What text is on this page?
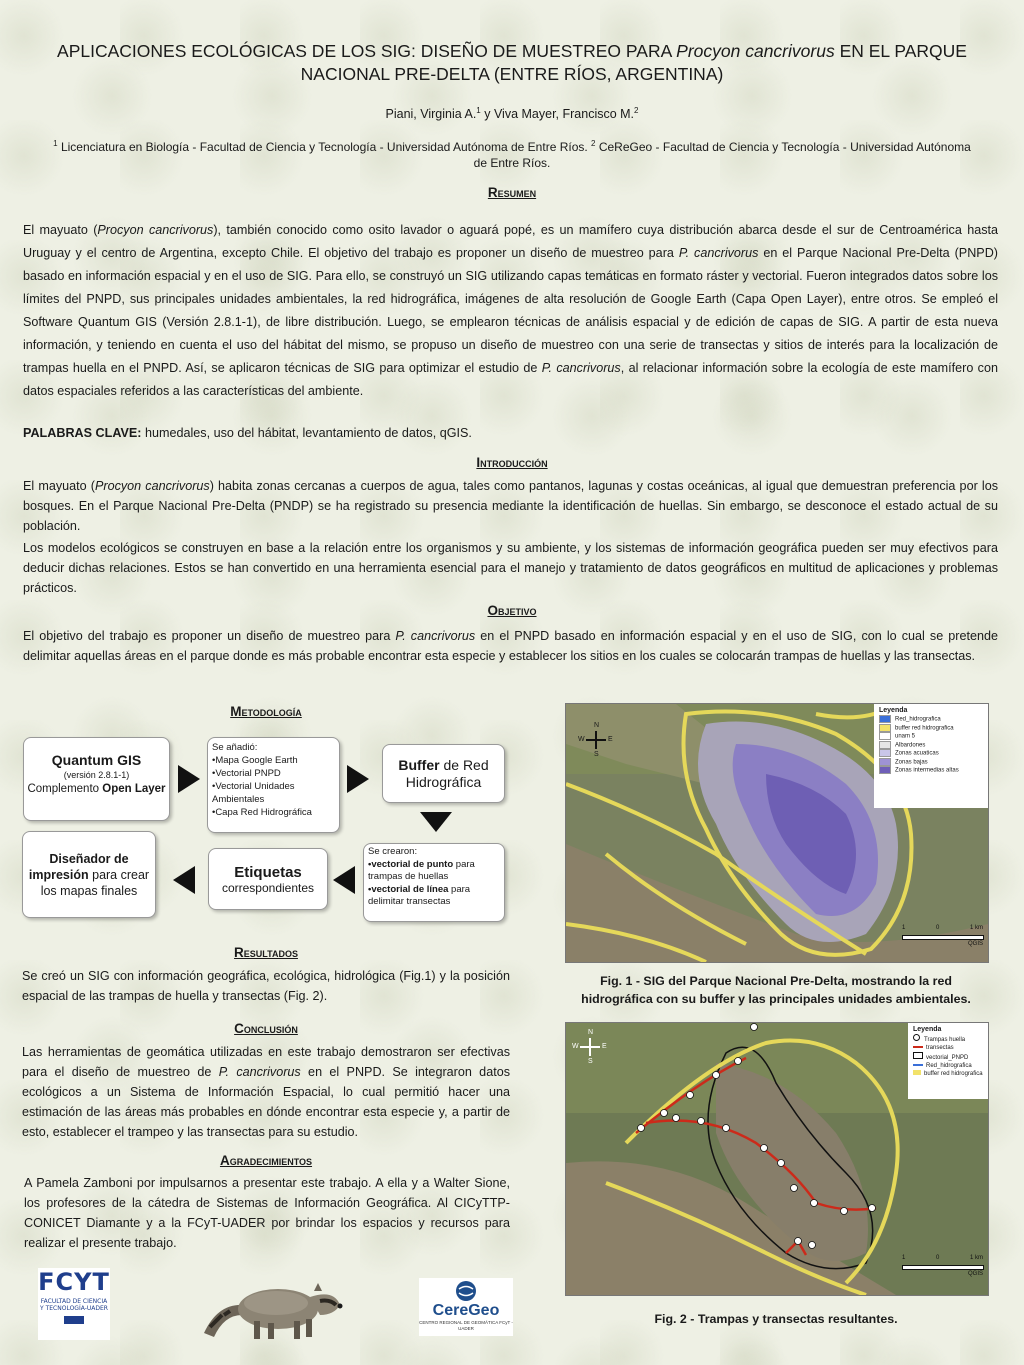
APLICACIONES ECOLÓGICAS DE LOS SIG: DISEÑO DE MUESTREO PARA Procyon cancrivorus EN EL PARQUE NACIONAL PRE-DELTA (ENTRE RÍOS, ARGENTINA)
Piani, Virginia A.$^1$ y Viva Mayer, Francisco M.$^2$
$^1$ Licenciatura en Biología - Facultad de Ciencia y Tecnología - Universidad Autónoma de Entre Ríos. $^2$ CeReGeo - Facultad de Ciencia y Tecnología - Universidad Autónoma de Entre Ríos.
Resumen
El mayuato (Procyon cancrivorus), también conocido como osito lavador o aguará popé, es un mamífero cuya distribución abarca desde el sur de Centroamérica hasta Uruguay y el centro de Argentina, excepto Chile. El objetivo del trabajo es proponer un diseño de muestreo para P. cancrivorus en el Parque Nacional Pre-Delta (PNPD) basado en información espacial y en el uso de SIG. Para ello, se construyó un SIG utilizando capas temáticas en formato ráster y vectorial. Fueron integrados datos sobre los límites del PNPD, sus principales unidades ambientales, la red hidrográfica, imágenes de alta resolución de Google Earth (Capa Open Layer), entre otros. Se empleó el Software Quantum GIS (Versión 2.8.1-1), de libre distribución. Luego, se emplearon técnicas de análisis espacial y de edición de capas de SIG. A partir de esta nueva información, y teniendo en cuenta el uso del hábitat del mismo, se propuso un diseño de muestreo con una serie de transectas y sitios de interés para la localización de trampas huella en el PNPD. Así, se aplicaron técnicas de SIG para optimizar el estudio de P. cancrivorus, al relacionar información sobre la ecología de este mamífero con datos espaciales referidos a las características del ambiente.
PALABRAS CLAVE: humedales, uso del hábitat, levantamiento de datos, qGIS.
Introducción
El mayuato (Procyon cancrivorus) habita zonas cercanas a cuerpos de agua, tales como pantanos, lagunas y costas oceánicas, al igual que demuestran preferencia por los bosques. En el Parque Nacional Pre-Delta (PNDP) se ha registrado su presencia mediante la identificación de huellas. Sin embargo, se desconoce el estado actual de su población.
Los modelos ecológicos se construyen en base a la relación entre los organismos y su ambiente, y los sistemas de información geográfica pueden ser muy efectivos para deducir dichas relaciones. Estos se han convertido en una herramienta esencial para el manejo y tratamiento de datos geográficos en multitud de aplicaciones y problemas prácticos.
Objetivo
El objetivo del trabajo es proponer un diseño de muestreo para P. cancrivorus en el PNPD basado en información espacial y en el uso de SIG, con lo cual se pretende delimitar aquellas áreas en el parque donde es más probable encontrar esta especie y establecer los sitios en los cuales se colocarán trampas de huellas y las transectas.
Metodología
Quantum GIS
(versión 2.8.1-1)
Complemento Open Layer
Se añadió:
•Mapa Google Earth
•Vectorial PNPD
•Vectorial Unidades Ambientales
•Capa Red Hidrográfica
Buffer de Red Hidrográfica
Se crearon:
•vectorial de punto para trampas de huellas
•vectorial de línea para delimitar transectas
Etiquetas
correspondientes
Diseñador de impresión para crear los mapas finales
Resultados
Se creó un SIG con información geográfica, ecológica, hidrológica (Fig.1) y la posición espacial de las trampas de huella y transectas (Fig. 2).
Conclusión
Las herramientas de geomática utilizadas en este trabajo demostraron ser efectivas para el diseño de muestreo de P. cancrivorus en el PNPD. Se integraron datos ecológicos a un Sistema de Información Espacial, lo cual permitió hacer una estimación de las áreas más probables en dónde encontrar esta especie y, a partir de esto, establecer el trampeo y las transectas para su estudio.
Agradecimientos
A Pamela Zamboni por impulsarnos a presentar este trabajo. A ella y a Walter Sione, los profesores de la cátedra de Sistemas de Información Geográfica. Al CICyTTP-CONICET Diamante y a la FCyT-UADER por brindar los espacios y recursos para realizar el presente trabajo.
FCYT
FACULTAD DE CIENCIA
Y TECNOLOGÍA-UADER	CereGeo
CENTRO REGIONAL DE GEOMÁTICA FCyT - UADER
N
S
E
W
Leyenda
Red_hidrografica
buffer red hidrografica
unam 5
Albardones
Zonas acuaticas
Zonas bajas
Zonas intermedias altas
1	0	1 km
QGIS
Fig. 1 - SIG del Parque Nacional Pre-Delta, mostrando la red hidrográfica con su buffer y las principales unidades ambientales.
N
S
E
W
Leyenda
Trampas huella
transectas
vectorial_PNPD
Red_hidrografica
buffer red hidrografica
1	0	1 km
QGIS
Fig. 2 - Trampas y transectas resultantes.
